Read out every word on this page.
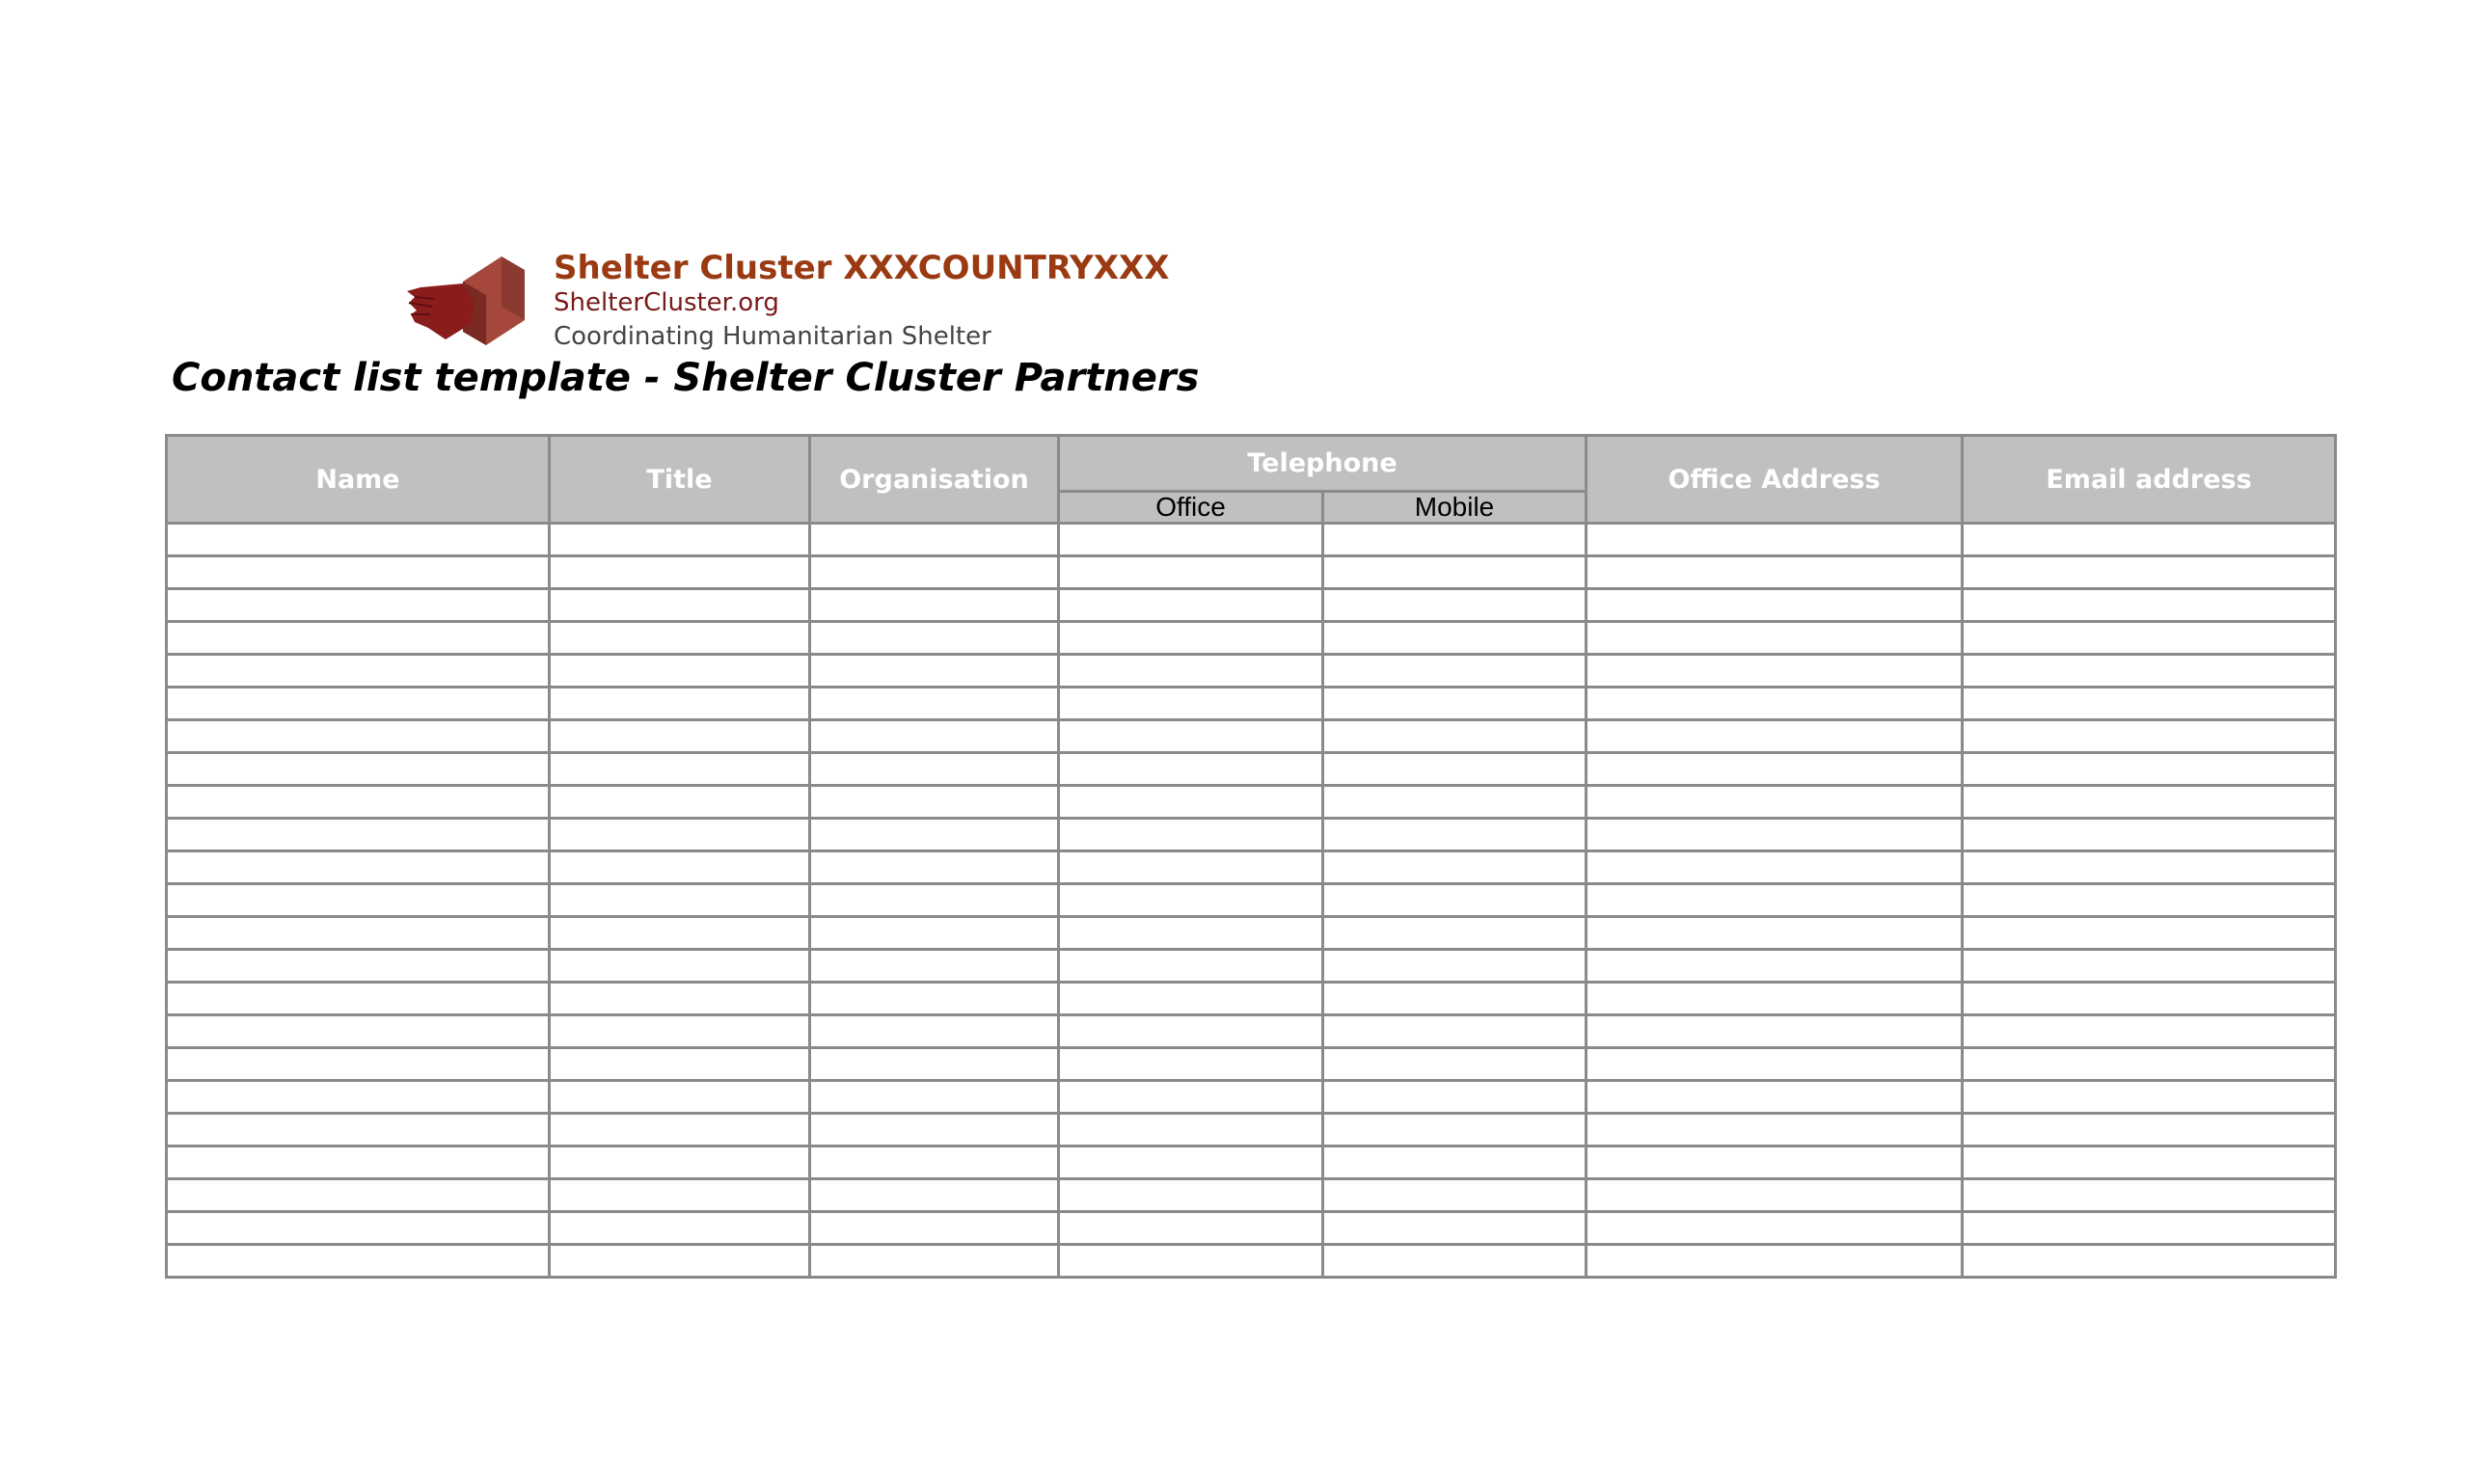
Shelter Cluster XXXCOUNTRYXXX
ShelterCluster.org
Coordinating Humanitarian Shelter
Contact list template - Shelter Cluster Partners
Name	Title	Organisation	Telephone		Office Address	Email address
			Office	Mobile		
